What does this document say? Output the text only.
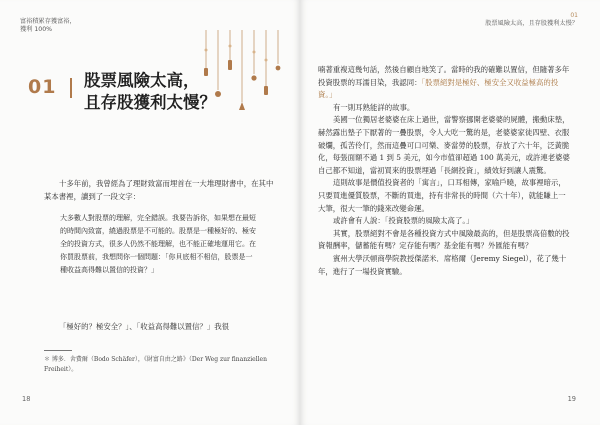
富裕積累存獲富裕，
獲利 100%
01 股票風險太高，
且存股獲利太慢？

十多年前，我曾經為了理財致富而埋首在一大堆理財書中，在其中某本書裡，讀到了一段文字：

大多數人對股票的理解，完全錯誤。我要告訴你，如果想在最短的時間內致富，繞過股票是不可能的。股票是一種極好的、極安全的投資方式，很多人仍然不能理解，也不能正確地運用它。在你買股票前，我想問你一個問題：「你貝底相不相信，股票是一種收益高得難以置信的投資？」

「極好的？極安全？」、「收益高得難以置信？」我很

＊ 博多．舍費爾（Bodo Schäfer），《財富自由之路》（Der Weg zur finanziellen Freiheit）。

18
01
股票風險太高，且存股獲利太慢？

喃著重複這幾句話，然後自顧自地笑了。當時的我的確難以置信，但隨著多年投資股票的耳濡目染，我認同：「股票絕對是極好、極安全又收益極高的投資。」

有一則耳熟能詳的故事。

美國一位獨居老婆婆在床上過世，當警察挪開老婆婆的屍體，搬動床墊，赫然露出墊子下厭著的一疊股票，令人大吃一驚的是，老婆婆家徒四壁、衣服破爛，孤苦伶仃，然而這疊可口可樂、麥當勞的股票，存放了六十年，泛黃脆化，每張面額不過 1 到 5 美元，如今市值卻超過 100 萬美元，或許連老婆婆自己都不知道，當初買來的股票埋過「長網投資」，績效好到讓人震驚。

這則故事是價值投資者的「寓言」，口耳相傳，家喻戶曉，故事裡暗示，只要買進優質股票，不斷的買進，持有非常長的時間（六十年），就能賺上一大筆，很大一筆的錢來改變命運。

或許會有人說：「投資股票的風險太高了。」

其實，股票絕對不會是各種投資方式中風險最高的，但是股票高倍數的投資報酬率，儲蓄能有嗎？定存能有嗎？基金能有嗎？外匯能有嗎？

賓州大學沃頓商學院教授傑諾米．席格爾（Jeremy Siegel），花了幾十年，進行了一場投資實驗。

19
